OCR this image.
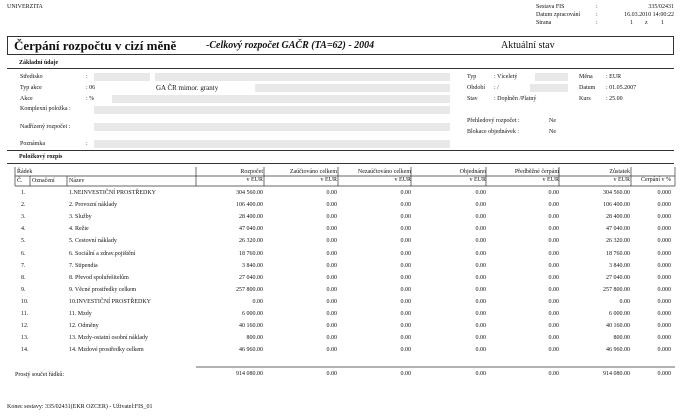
UNIVERZITA	Sestava FIS	:	335/02431
Datum zpracování	:	16.03.2010 14:00:22
Strana	:	1 z 1
Čerpání rozpočtu v cizí měně	-Celkový rozpočet GAČR (TA=62) - 2004	Aktuální stav
Základní údaje
Středisko	:
Typ akce	: 06	GA ČR mimor. granty
Akce	: %
Komplexní položka :
Nadřízený rozpočet :
Poznámka	:
Typ	: Víceletý
Období : /
Stav	: Doplněn /Platný
Přehledový rozpočet :	Ne
Blokace objednávek :	Ne
Měna : EUR
Datum : 01.05.2007
Kurs	: 25.00
Položkový rozpis
Řádek
Č. Označení Název
Rozpočet
v EUR
Zaúčtováno celkem
v EUR
Nezaúčtováno celkem
v EUR
Objednáno
v EUR
Předběžné čerpání
v EUR
Zůstatek
v EUR	Čerpání v %
1.	1.NEINVESTIČNÍ PROSTŘEDKY	304 560.00	0.00	0.00	0.00	0.00	304 560.00	0.000
2.	2. Provozní náklady	106 400.00	0.00	0.00	0.00	0.00	106 400.00	0.000
3.	3. Služby	28 400.00	0.00	0.00	0.00	0.00	28 400.00	0.000
4.	4. Režie	47 040.00	0.00	0.00	0.00	0.00	47 040.00	0.000
5.	5. Cestovní náklady	26 320.00	0.00	0.00	0.00	0.00	26 320.00	0.000
6.	6. Sociální a zdrav.pojištění	18 760.00	0.00	0.00	0.00	0.00	18 760.00	0.000
7.	7. Stipendia	3 840.00	0.00	0.00	0.00	0.00	3 840.00	0.000
8.	8. Převod spoluřešitelům	27 040.00	0.00	0.00	0.00	0.00	27 040.00	0.000
9.	9. Věcné prostředky celkem	257 800.00	0.00	0.00	0.00	0.00	257 800.00	0.000
10.	10.INVESTIČNÍ PROSTŘEDKY	0.00	0.00	0.00	0.00	0.00	0.00	0.000
11.	11. Mzdy	6 000.00	0.00	0.00	0.00	0.00	6 000.00	0.000
12.	12. Odměny	40 160.00	0.00	0.00	0.00	0.00	40 160.00	0.000
13.	13. Mzdy-ostatní osobní náklady	800.00	0.00	0.00	0.00	0.00	800.00	0.000
14.	14. Mzdové prostředky celkem	46 960.00	0.00	0.00	0.00	0.00	46 960.00	0.000
Prostý součet řádků:	914 080.00	0.00	0.00	0.00	0.00	914 080.00	0.000
Konec sestavy: 335/02431(EKR OZCER) - Uživatel:FIS_01
